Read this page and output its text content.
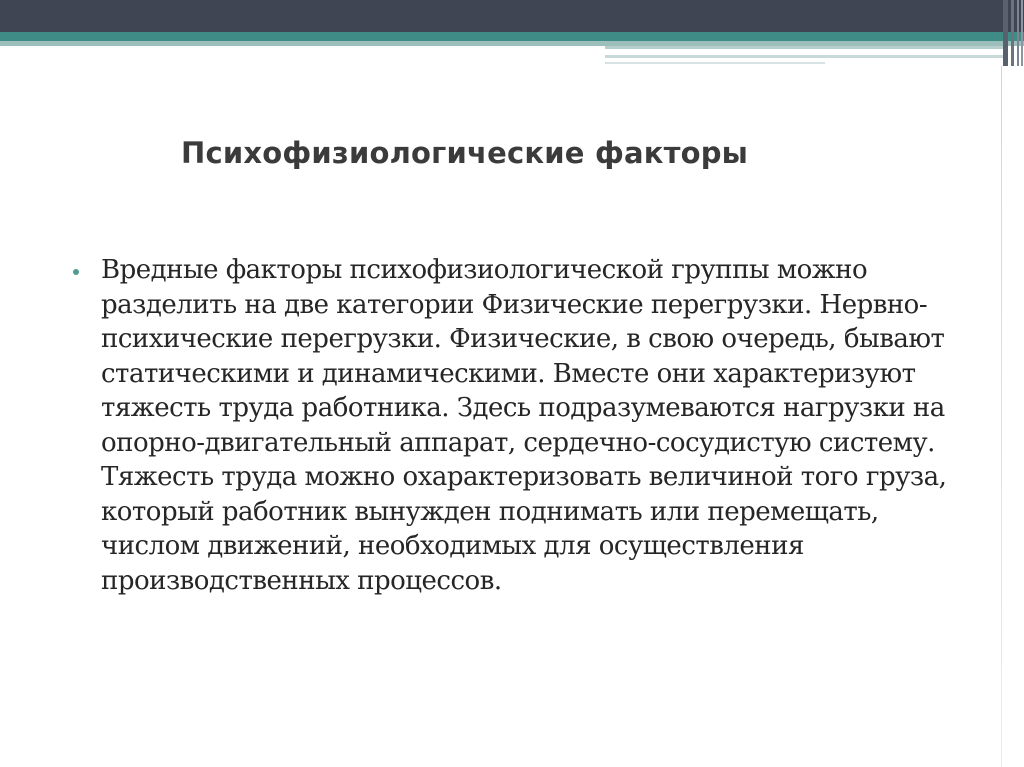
Психофизиологические факторы
Вредные факторы психофизиологической группы можно разделить на две категории Физические перегрузки. Нервно-психические перегрузки. Физические, в свою очередь, бывают статическими и динамическими. Вместе они характеризуют тяжесть труда работника. Здесь подразумеваются нагрузки на опорно-двигательный аппарат, сердечно-сосудистую систему. Тяжесть труда можно охарактеризовать величиной того груза, который работник вынужден поднимать или перемещать, числом движений, необходимых для осуществления производственных процессов.
